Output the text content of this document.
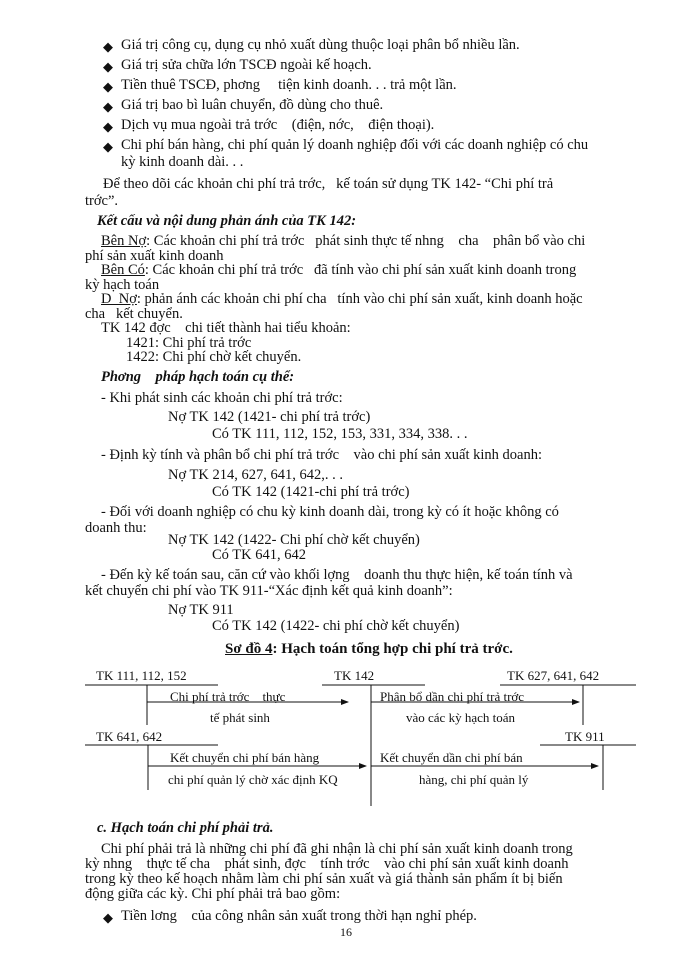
◆ Giá trị công cụ, dụng cụ nhỏ xuất dùng thuộc loại phân bổ nhiều lần.
◆ Giá trị sửa chữa lớn TSCĐ ngoài kế hoạch.
◆ Tiền thuê TSCĐ, phơng     tiện kinh doanh. . . trả một lần.
◆ Giá trị bao bì luân chuyển, đồ dùng cho thuê.
◆ Dịch vụ mua ngoài trả trớc    (điện, nớc,    điện thoại).
◆ Chi phí bán hàng, chi phí quản lý doanh nghiệp đối với các doanh nghiệp có chu
kỳ kinh doanh dài. . .
Để theo dõi các khoản chi phí trả trớc,   kế toán sử dụng TK 142- “Chi phí trả
trớc”.
Kết cấu và nội dung phản ánh của TK 142:
Bên Nợ: Các khoản chi phí trả trớc   phát sinh thực tế nhng    cha    phân bổ vào chi
phí sản xuất kinh doanh
Bên Có: Các khoản chi phí trả trớc   đã tính vào chi phí sản xuất kinh doanh trong
kỳ hạch toán
D  Nợ: phản ánh các khoản chi phí cha   tính vào chi phí sản xuất, kinh doanh hoặc
cha   kết chuyển.
TK 142 đợc    chi tiết thành hai tiểu khoản:
1421: Chi phí trả trớc
1422: Chi phí chờ kết chuyển.
Phơng    pháp hạch toán cụ thể:
- Khi phát sinh các khoản chi phí trả trớc:
Nợ TK 142 (1421- chi phí trả trớc)
Có TK 111, 112, 152, 153, 331, 334, 338. . .
- Định kỳ tính và phân bổ chi phí trả trớc    vào chi phí sản xuất kinh doanh:
Nợ TK 214, 627, 641, 642,. . .
Có TK 142 (1421-chi phí trả trớc)
- Đối với doanh nghiệp có chu kỳ kinh doanh dài, trong kỳ có ít hoặc không có
doanh thu:
Nợ TK 142 (1422- Chi phí chờ kết chuyển)
Có TK 641, 642
- Đến kỳ kế toán sau, căn cứ vào khối lợng    doanh thu thực hiện, kế toán tính và
kết chuyển chi phí vào TK 911-“Xác định kết quả kinh doanh”:
Nợ TK 911
Có TK 142 (1422- chi phí chờ kết chuyển)
Sơ đồ 4: Hạch toán tổng hợp chi phí trả trớc.
TK 111, 112, 152	TK 142	TK 627, 641, 642
Chi phí trả trớc    thực
tế phát sinh
Phân bổ dần chi phí trả trớc
vào các kỳ hạch toán
TK 641, 642	TK 911
Kết chuyển chi phí bán hàng
chi phí quản lý chờ xác định KQ
Kết chuyển dần chi phí bán
hàng, chi phí quản lý
c. Hạch toán chi phí phải trả.
Chi phí phải trả là những chi phí đã ghi nhận là chi phí sản xuất kinh doanh trong
kỳ nhng    thực tế cha    phát sinh, đợc    tính trớc    vào chi phí sản xuất kinh doanh
trong kỳ theo kế hoạch nhằm làm chi phí sản xuất và giá thành sản phẩm ít bị biến
động giữa các kỳ. Chi phí phải trả bao gồm:
◆ Tiền lơng    của công nhân sản xuất trong thời hạn nghỉ phép.
16
